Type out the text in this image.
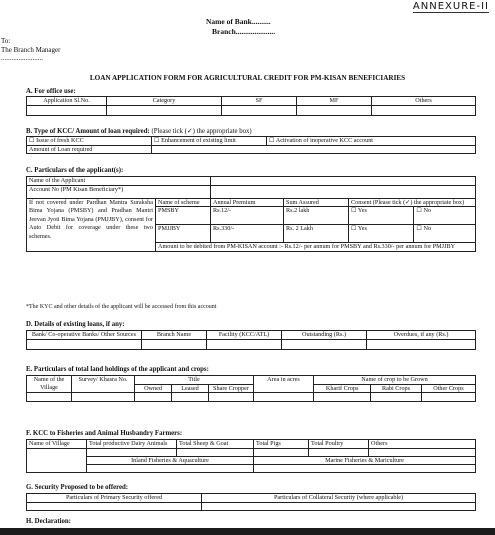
ANNEXURE-II
Name of Bank..........
Branch.....................
To:
The Branch Manager
........................
LOAN APPLICATION FORM FOR AGRICULTURAL CREDIT FOR PM-KISAN BENEFICIARIES
A. For office use:
Application Sl.No.	Category	SF	MF	Others

B. Type of KCC/ Amount of loan required: (Please tick (✓) the appropriate box)
☐ Issue of fresh KCC	☐ Enhancement of existing limit	☐ Activation of inoperative KCC account
Amount of Loan required		
C. Particulars of the applicant(s):
Name of the Applicant					
Account No (PM Kisan Beneficiary*)					
If not covered under Pardhan Mantra Suraksha Bima Yojana (PMSBY) and Pradhan Mantri Jeevan Jyoti Bima Yojana (PMJJBY), consent for Auto Debit for coverage under these two schemes.	Name of scheme	Annual Premium	Sum Assured	Consent (Please tick (✓) the appropriate box)	
	PMSBY	Rs.12/-	Rs.2 lakh	☐ Yes	☐ No
	PMJJBY	Rs.330/-	Rs. 2 Lakh	☐ Yes	☐ No
	Amount to be debited from PM-KISAN account :- Rs.12/- per annum for PMSBY and Rs.330/- per annum for PMJJBY				
*The KYC and other details of the applicant will be accessed from this account
D. Details of existing loans, if any:
Bank/ Co-operative Banks/ Other Sources	Branch Name	Facility (KCC/ATL)	Outstanding (Rs.)	Overdues, if any (Rs.)

E. Particulars of total land holdings of the applicant and crops:
Name of the Village	Survey/ Khasra No.	Title			Area in acres	Name of crop to be Grown		
		Owned	Leased	Share Cropper		Kharif Crops	Rabi Crops	Other Crops

F. KCC to Fisheries and Animal Husbandry Farmers:
Name of Village	Total productive Dairy Animals	Total Sheep & Goat	Total Pigs	Total Poultry	Others

	Inland Fisheries & Aquaculture		Marine Fisheries & Mariculture		

G. Security Proposed to be offered:
Particulars of Primary Security offered	Particulars of Collateral Security (where applicable)

H. Declaration:
